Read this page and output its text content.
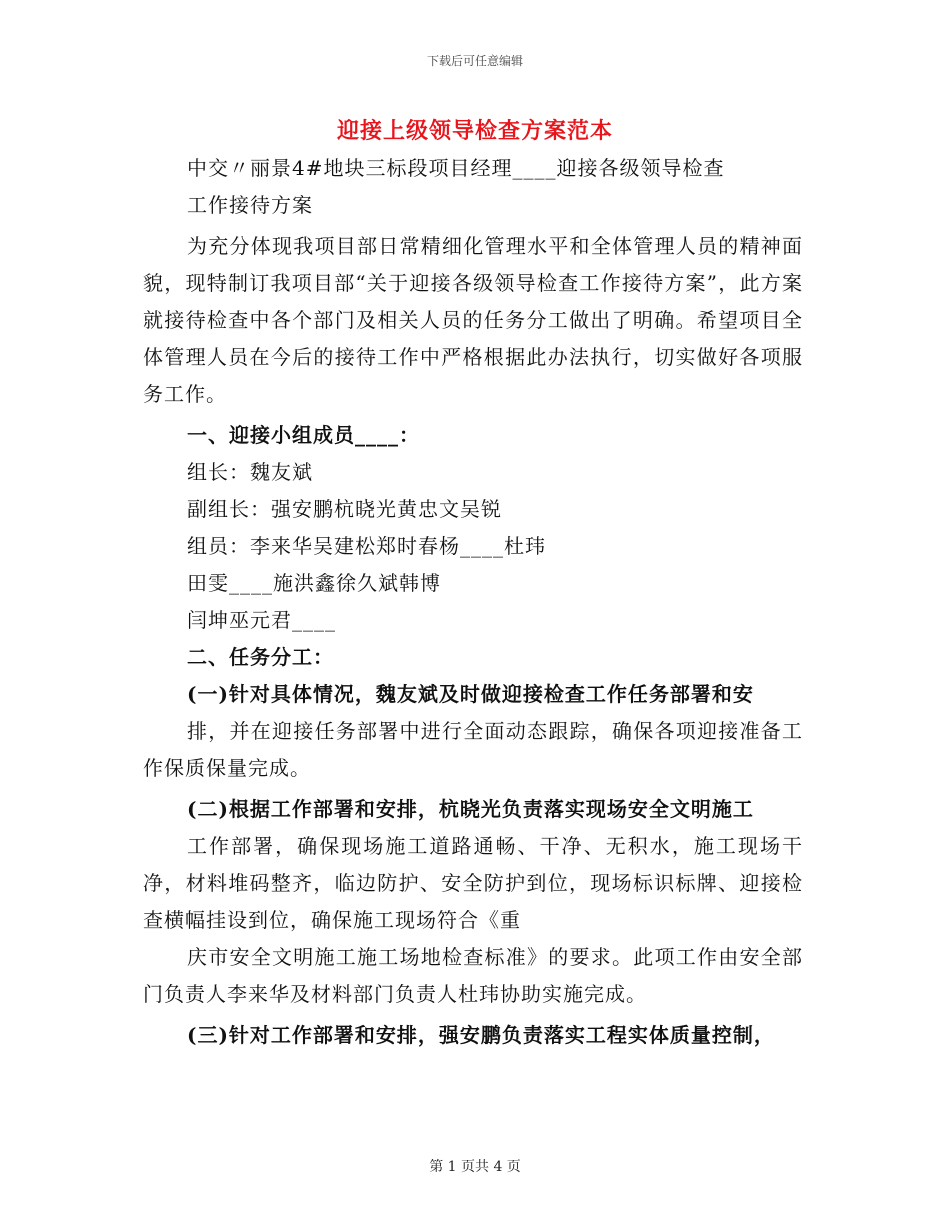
下载后可任意编辑
迎接上级领导检查方案范本

中交〃丽景4#地块三标段项目经理____迎接各级领导检查

工作接待方案

为充分体现我项目部日常精细化管理水平和全体管理人员的精神面貌，现特制订我项目部“关于迎接各级领导检查工作接待方案”，此方案就接待检查中各个部门及相关人员的任务分工做出了明确。希望项目全体管理人员在今后的接待工作中严格根据此办法执行，切实做好各项服务工作。

一、迎接小组成员____：

组长：魏友斌

副组长：强安鹏杭晓光黄忠文吴锐

组员：李来华吴建松郑时春杨____杜玮

田雯____施洪鑫徐久斌韩博

闫坤巫元君____

二、任务分工：

(一)针对具体情况，魏友斌及时做迎接检查工作任务部署和安

排，并在迎接任务部署中进行全面动态跟踪，确保各项迎接准备工作保质保量完成。

(二)根据工作部署和安排，杭晓光负责落实现场安全文明施工

工作部署，确保现场施工道路通畅、干净、无积水，施工现场干净，材料堆码整齐，临边防护、安全防护到位，现场标识标牌、迎接检查横幅挂设到位，确保施工现场符合《重

庆市安全文明施工施工场地检查标准》的要求。此项工作由安全部门负责人李来华及材料部门负责人杜玮协助实施完成。

(三)针对工作部署和安排，强安鹏负责落实工程实体质量控制，

第 1 页共 4 页
